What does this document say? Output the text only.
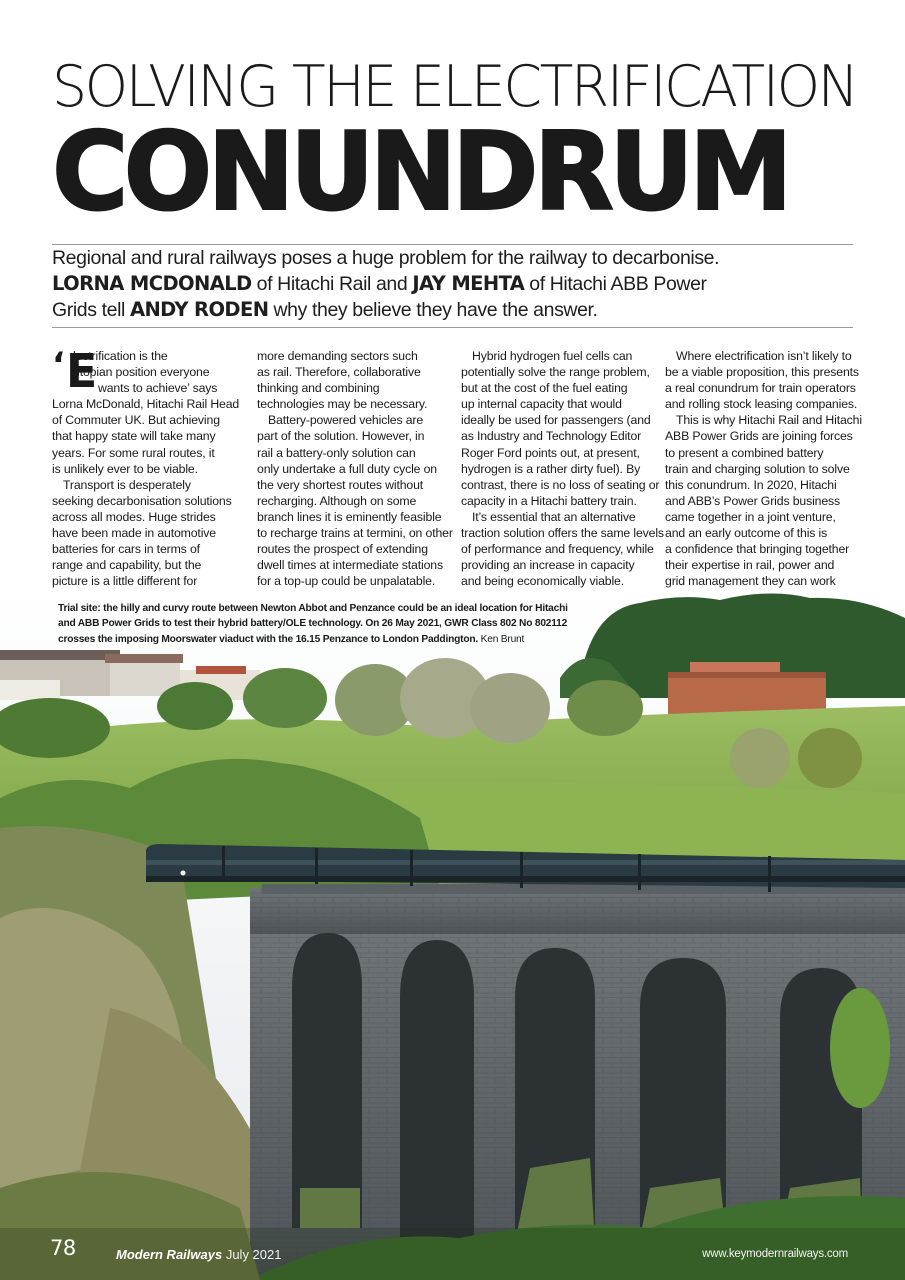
SOLVING THE ELECTRIFICATION
CONUNDRUM
Regional and rural railways poses a huge problem for the railway to decarbonise.
LORNA MCDONALD of Hitachi Rail and JAY MEHTA of Hitachi ABB Power
Grids tell ANDY RODEN why they believe they have the answer.
‘E
lectrification is the
utopian position everyone
wants to achieve’ says
Lorna McDonald, Hitachi Rail Head
of Commuter UK. But achieving
that happy state will take many
years. For some rural routes, it
is unlikely ever to be viable.
Transport is desperately
seeking decarbonisation solutions
across all modes. Huge strides
have been made in automotive
batteries for cars in terms of
range and capability, but the
picture is a little different for
more demanding sectors such
as rail. Therefore, collaborative
thinking and combining
technologies may be necessary.
Battery-powered vehicles are
part of the solution. However, in
rail a battery-only solution can
only undertake a full duty cycle on
the very shortest routes without
recharging. Although on some
branch lines it is eminently feasible
to recharge trains at termini, on other
routes the prospect of extending
dwell times at intermediate stations
for a top-up could be unpalatable.
Hybrid hydrogen fuel cells can
potentially solve the range problem,
but at the cost of the fuel eating
up internal capacity that would
ideally be used for passengers (and
as Industry and Technology Editor
Roger Ford points out, at present,
hydrogen is a rather dirty fuel). By
contrast, there is no loss of seating or
capacity in a Hitachi battery train.
It’s essential that an alternative
traction solution offers the same levels
of performance and frequency, while
providing an increase in capacity
and being economically viable.
Where electrification isn’t likely to
be a viable proposition, this presents
a real conundrum for train operators
and rolling stock leasing companies.
This is why Hitachi Rail and Hitachi
ABB Power Grids are joining forces
to present a combined battery
train and charging solution to solve
this conundrum. In 2020, Hitachi
and ABB’s Power Grids business
came together in a joint venture,
and an early outcome of this is
a confidence that bringing together
their expertise in rail, power and
grid management they can work
Trial site: the hilly and curvy route between Newton Abbot and Penzance could be an ideal location for Hitachi
and ABB Power Grids to test their hybrid battery/OLE technology. On 26 May 2021, GWR Class 802 No 802112
crosses the imposing Moorswater viaduct with the 16.15 Penzance to London Paddington. Ken Brunt
78	Modern Railways July 2021	www.keymodernrailways.com
